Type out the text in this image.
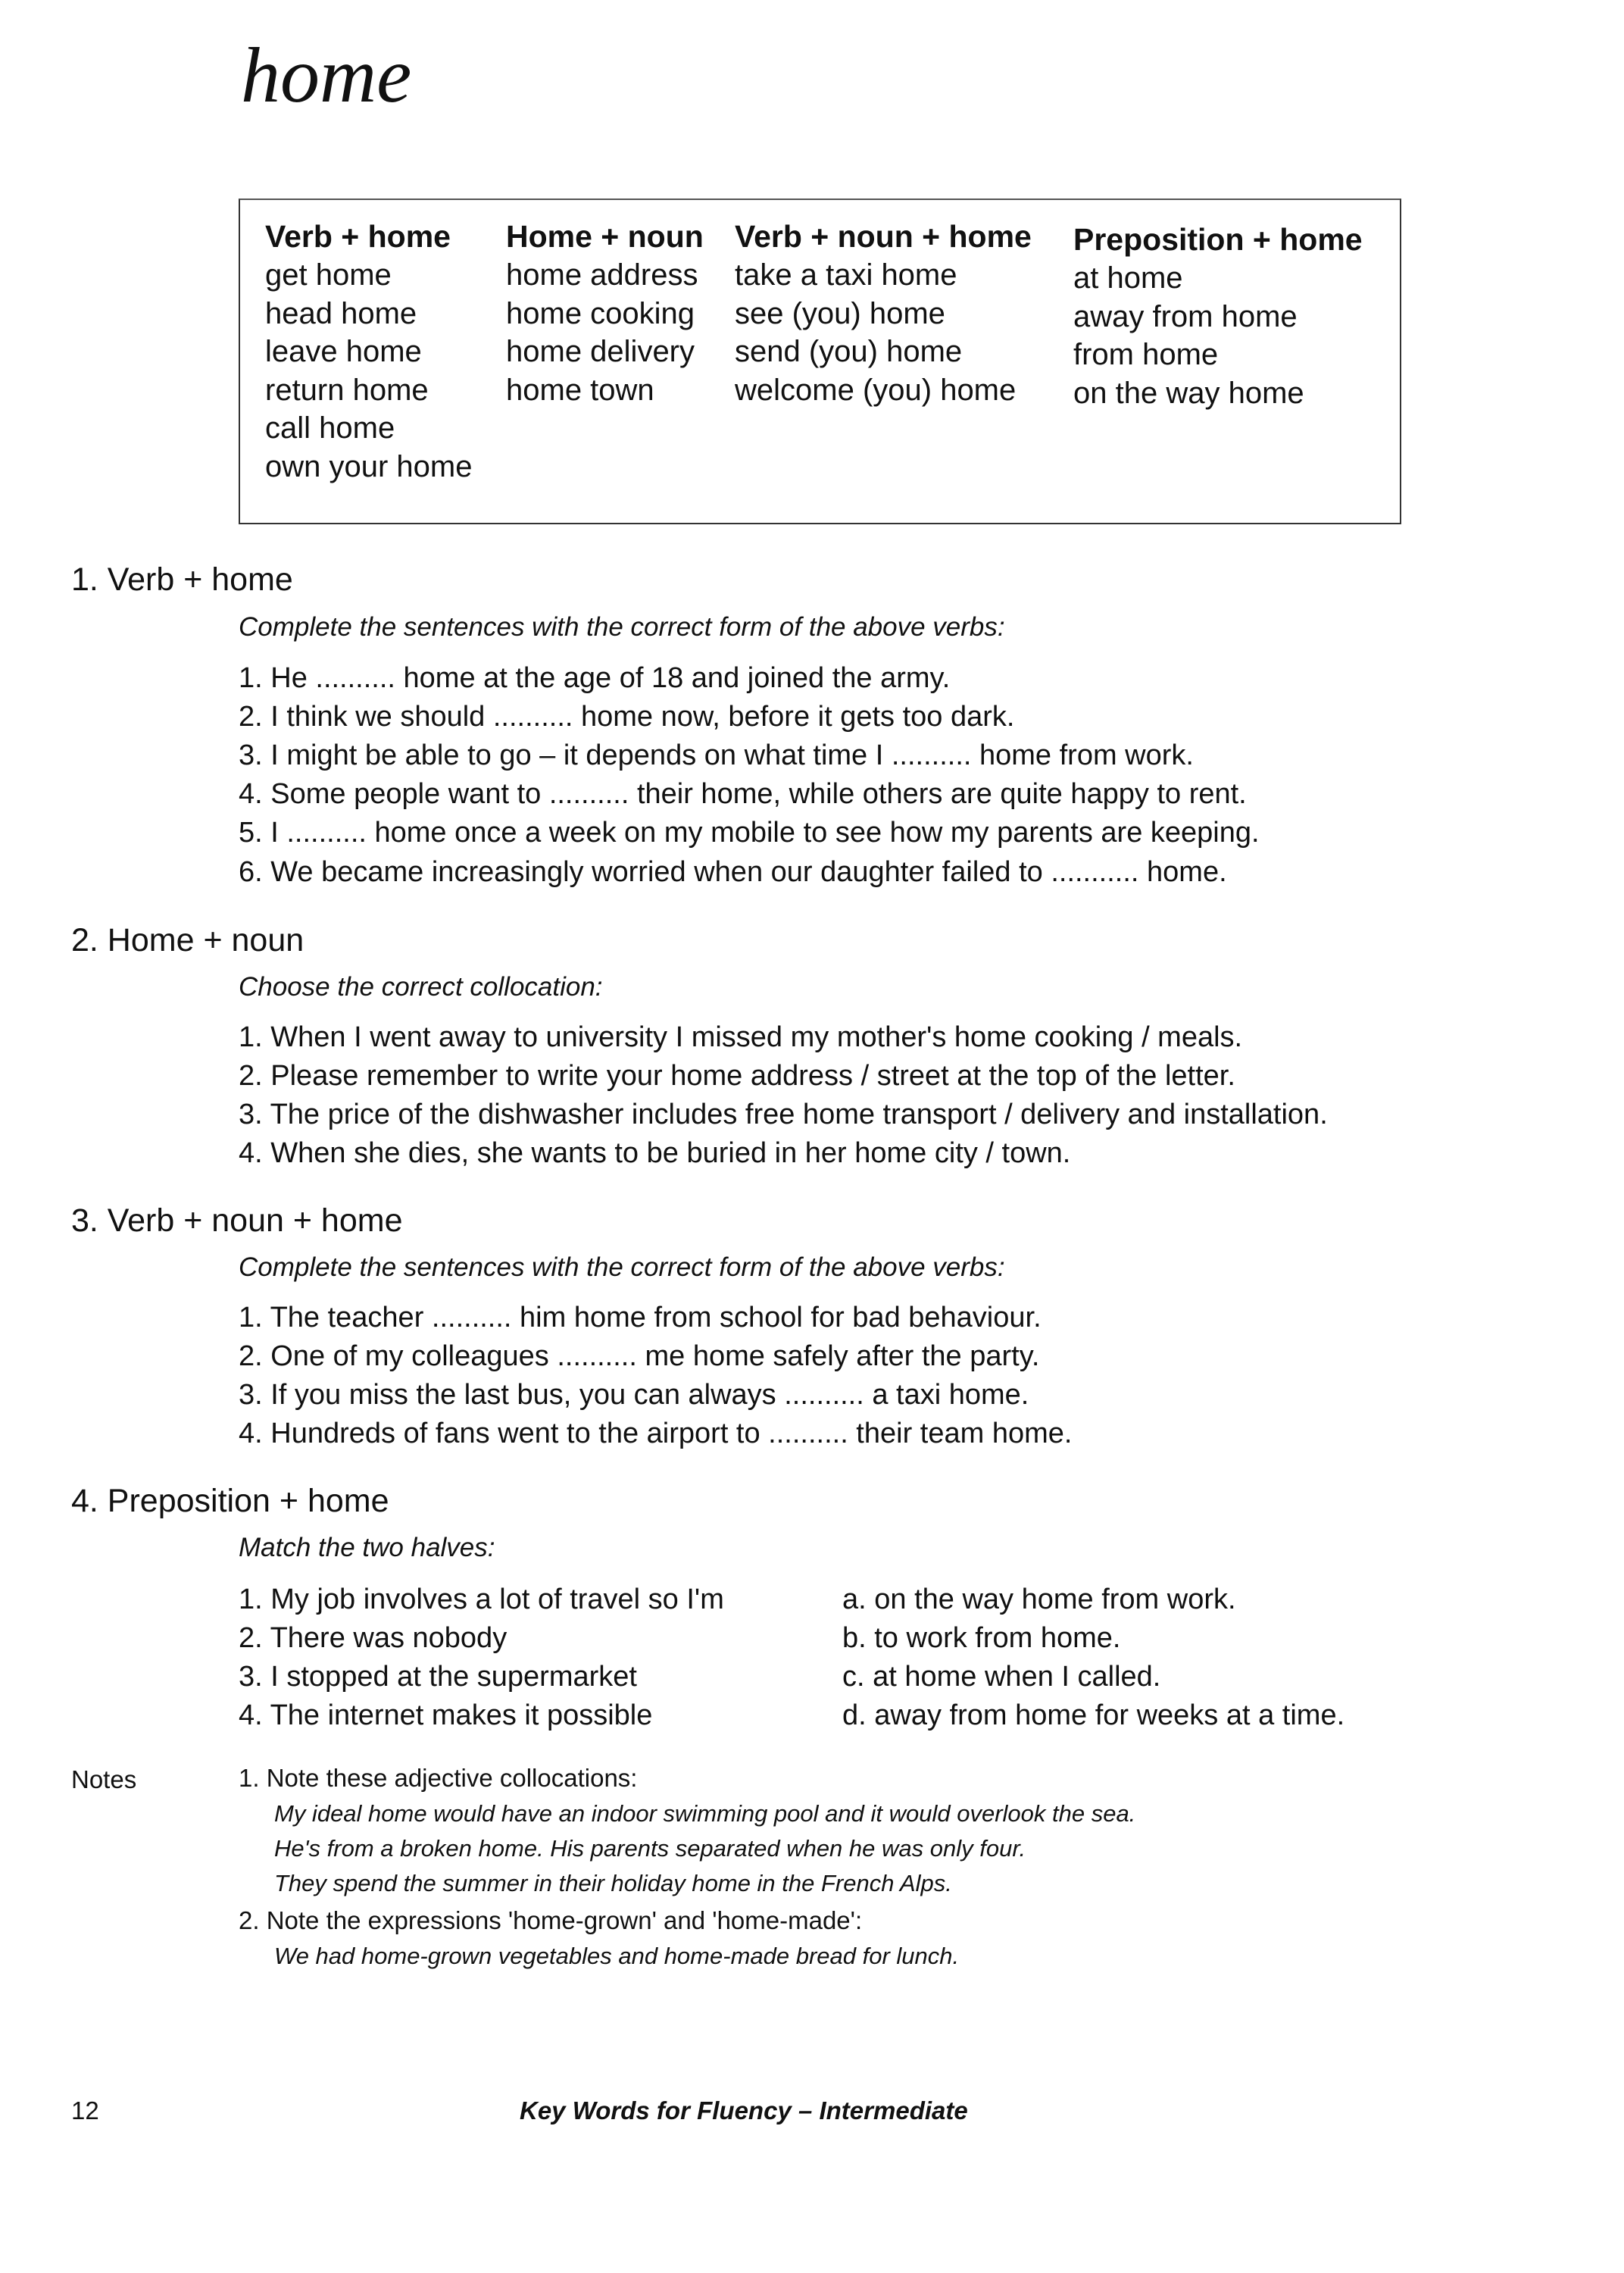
home
Verb + home
get home
head home
leave home
return home
call home
own your home
Home + noun
home address
home cooking
home delivery
home town
Verb + noun + home
take a taxi home
see (you) home
send (you) home
welcome (you) home
Preposition + home
at home
away from home
from home
on the way home
1. Verb + home
Complete the sentences with the correct form of the above verbs:
1. He .......... home at the age of 18 and joined the army.
2. I think we should .......... home now, before it gets too dark.
3. I might be able to go – it depends on what time I .......... home from work.
4. Some people want to .......... their home, while others are quite happy to rent.
5. I .......... home once a week on my mobile to see how my parents are keeping.
6. We became increasingly worried when our daughter failed to ........... home.
2. Home + noun
Choose the correct collocation:
1. When I went away to university I missed my mother's home cooking / meals.
2. Please remember to write your home address / street at the top of the letter.
3. The price of the dishwasher includes free home transport / delivery and installation.
4. When she dies, she wants to be buried in her home city / town.
3. Verb + noun + home
Complete the sentences with the correct form of the above verbs:
1. The teacher .......... him home from school for bad behaviour.
2. One of my colleagues .......... me home safely after the party.
3. If you miss the last bus, you can always .......... a taxi home.
4. Hundreds of fans went to the airport to .......... their team home.
4. Preposition + home
Match the two halves:
1. My job involves a lot of travel so I'm
2. There was nobody
3. I stopped at the supermarket
4. The internet makes it possible
a. on the way home from work.
b. to work from home.
c. at home when I called.
d. away from home for weeks at a time.
Notes	1. Note these adjective collocations:
My ideal home would have an indoor swimming pool and it would overlook the sea.
He's from a broken home. His parents separated when he was only four.
They spend the summer in their holiday home in the French Alps.
2. Note the expressions 'home-grown' and 'home-made':
We had home-grown vegetables and home-made bread for lunch.
12	Key Words for Fluency – Intermediate
